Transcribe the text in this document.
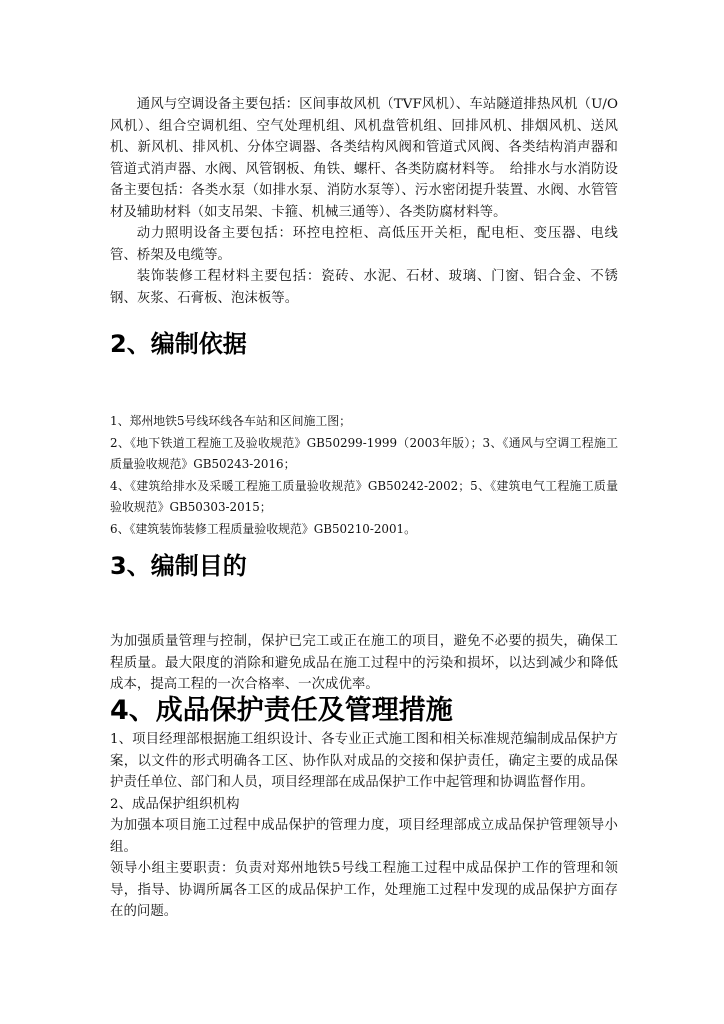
通风与空调设备主要包括：区间事故风机（TVF风机）、车站隧道排热风机（U/O风机）、组合空调机组、空气处理机组、风机盘管机组、回排风机、排烟风机、送风机、新风机、排风机、分体空调器、各类结构风阀和管道式风阀、各类结构消声器和管道式消声器、水阀、风管钢板、角铁、螺杆、各类防腐材料等。　给排水与水消防设备主要包括：各类水泵（如排水泵、消防水泵等）、污水密闭提升装置、水阀、水管管材及辅助材料（如支吊架、卡箍、机械三通等）、各类防腐材料等。

动力照明设备主要包括：环控电控柜、高低压开关柜，配电柜、变压器、电线管、桥架及电缆等。

装饰装修工程材料主要包括：瓷砖、水泥、石材、玻璃、门窗、铝合金、不锈钢、灰浆、石膏板、泡沫板等。

2、编制依据

1、郑州地铁5号线环线各车站和区间施工图；

2、《地下铁道工程施工及验收规范》GB50299-1999（2003年版）；3、《通风与空调工程施工质量验收规范》GB50243-2016；

4、《建筑给排水及采暖工程施工质量验收规范》GB50242-2002；5、《建筑电气工程施工质量验收规范》GB50303-2015；

6、《建筑装饰装修工程质量验收规范》GB50210-2001。

3、编制目的

为加强质量管理与控制，保护已完工或正在施工的项目，避免不必要的损失，确保工程质量。最大限度的消除和避免成品在施工过程中的污染和损坏，以达到减少和降低成本，提高工程的一次合格率、一次成优率。

4、成品保护责任及管理措施

1、项目经理部根据施工组织设计、各专业正式施工图和相关标准规范编制成品保护方案，以文件的形式明确各工区、协作队对成品的交接和保护责任，确定主要的成品保护责任单位、部门和人员，项目经理部在成品保护工作中起管理和协调监督作用。

2、成品保护组织机构

为加强本项目施工过程中成品保护的管理力度，项目经理部成立成品保护管理领导小组。

领导小组主要职责：负责对郑州地铁5号线工程施工过程中成品保护工作的管理和领导，指导、协调所属各工区的成品保护工作，处理施工过程中发现的成品保护方面存在的问题。
